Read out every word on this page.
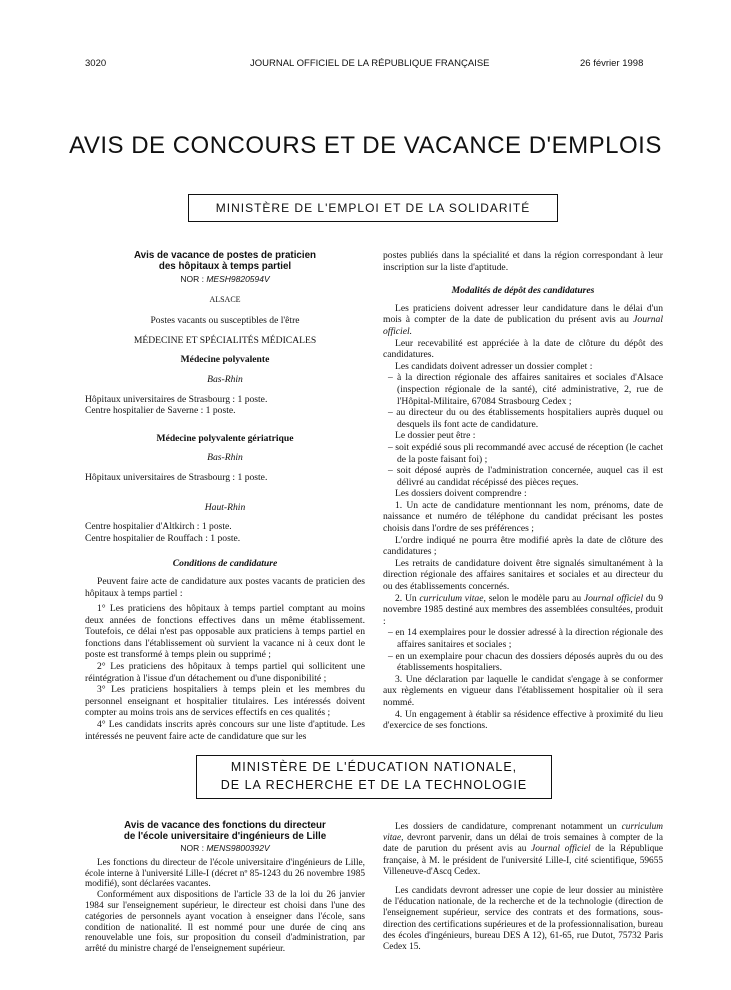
3020	JOURNAL OFFICIEL DE LA RÉPUBLIQUE FRANÇAISE	26 février 1998
AVIS DE CONCOURS ET DE VACANCE D'EMPLOIS
MINISTÈRE DE L'EMPLOI ET DE LA SOLIDARITÉ
Avis de vacance de postes de praticien
des hôpitaux à temps partiel
NOR : MESH9820594V

ALSACE

Postes vacants ou susceptibles de l'être

MÉDECINE ET SPÉCIALITÉS MÉDICALES

Médecine polyvalente

Bas-Rhin

Hôpitaux universitaires de Strasbourg : 1 poste.

Centre hospitalier de Saverne : 1 poste.

Médecine polyvalente gériatrique

Bas-Rhin

Hôpitaux universitaires de Strasbourg : 1 poste.

Haut-Rhin

Centre hospitalier d'Altkirch : 1 poste.

Centre hospitalier de Rouffach : 1 poste.

Conditions de candidature

Peuvent faire acte de candidature aux postes vacants de praticien des hôpitaux à temps partiel :

1° Les praticiens des hôpitaux à temps partiel comptant au moins deux années de fonctions effectives dans un même établissement. Toutefois, ce délai n'est pas opposable aux praticiens à temps partiel en fonctions dans l'établissement où survient la vacance ni à ceux dont le poste est transformé à temps plein ou supprimé ;

2° Les praticiens des hôpitaux à temps partiel qui sollicitent une réintégration à l'issue d'un détachement ou d'une disponibilité ;

3° Les praticiens hospitaliers à temps plein et les membres du personnel enseignant et hospitalier titulaires. Les intéressés doivent compter au moins trois ans de services effectifs en ces qualités ;

4° Les candidats inscrits après concours sur une liste d'aptitude. Les intéressés ne peuvent faire acte de candidature que sur les

postes publiés dans la spécialité et dans la région correspondant à leur inscription sur la liste d'aptitude.

Modalités de dépôt des candidatures

Les praticiens doivent adresser leur candidature dans le délai d'un mois à compter de la date de publication du présent avis au Journal officiel.

Leur recevabilité est appréciée à la date de clôture du dépôt des candidatures.

Les candidats doivent adresser un dossier complet :

– à la direction régionale des affaires sanitaires et sociales d'Alsace (inspection régionale de la santé), cité administrative, 2, rue de l'Hôpital-Militaire, 67084 Strasbourg Cedex ;

– au directeur du ou des établissements hospitaliers auprès duquel ou desquels ils font acte de candidature.

Le dossier peut être :

– soit expédié sous pli recommandé avec accusé de réception (le cachet de la poste faisant foi) ;

– soit déposé auprès de l'administration concernée, auquel cas il est délivré au candidat récépissé des pièces reçues.

Les dossiers doivent comprendre :

1. Un acte de candidature mentionnant les nom, prénoms, date de naissance et numéro de téléphone du candidat précisant les postes choisis dans l'ordre de ses préférences ;

L'ordre indiqué ne pourra être modifié après la date de clôture des candidatures ;

Les retraits de candidature doivent être signalés simultanément à la direction régionale des affaires sanitaires et sociales et au directeur du ou des établissements concernés.

2. Un curriculum vitae, selon le modèle paru au Journal officiel du 9 novembre 1985 destiné aux membres des assemblées consultées, produit :

– en 14 exemplaires pour le dossier adressé à la direction régionale des affaires sanitaires et sociales ;

– en un exemplaire pour chacun des dossiers déposés auprès du ou des établissements hospitaliers.

3. Une déclaration par laquelle le candidat s'engage à se conformer aux règlements en vigueur dans l'établissement hospitalier où il sera nommé.

4. Un engagement à établir sa résidence effective à proximité du lieu d'exercice de ses fonctions.

MINISTÈRE DE L'ÉDUCATION NATIONALE,
DE LA RECHERCHE ET DE LA TECHNOLOGIE
Avis de vacance des fonctions du directeur
de l'école universitaire d'ingénieurs de Lille
NOR : MENS9800392V

Les fonctions du directeur de l'école universitaire d'ingénieurs de Lille, école interne à l'université Lille-I (décret nº 85-1243 du 26 novembre 1985 modifié), sont déclarées vacantes.

Conformément aux dispositions de l'article 33 de la loi du 26 janvier 1984 sur l'enseignement supérieur, le directeur est choisi dans l'une des catégories de personnels ayant vocation à enseigner dans l'école, sans condition de nationalité. Il est nommé pour une durée de cinq ans renouvelable une fois, sur proposition du conseil d'administration, par arrêté du ministre chargé de l'enseignement supérieur.

Les dossiers de candidature, comprenant notamment un curriculum vitae, devront parvenir, dans un délai de trois semaines à compter de la date de parution du présent avis au Journal officiel de la République française, à M. le président de l'université Lille-I, cité scientifique, 59655 Villeneuve-d'Ascq Cedex.

Les candidats devront adresser une copie de leur dossier au ministère de l'éducation nationale, de la recherche et de la technologie (direction de l'enseignement supérieur, service des contrats et des formations, sous-direction des certifications supérieures et de la professionnalisation, bureau des écoles d'ingénieurs, bureau DES A 12), 61-65, rue Dutot, 75732 Paris Cedex 15.
